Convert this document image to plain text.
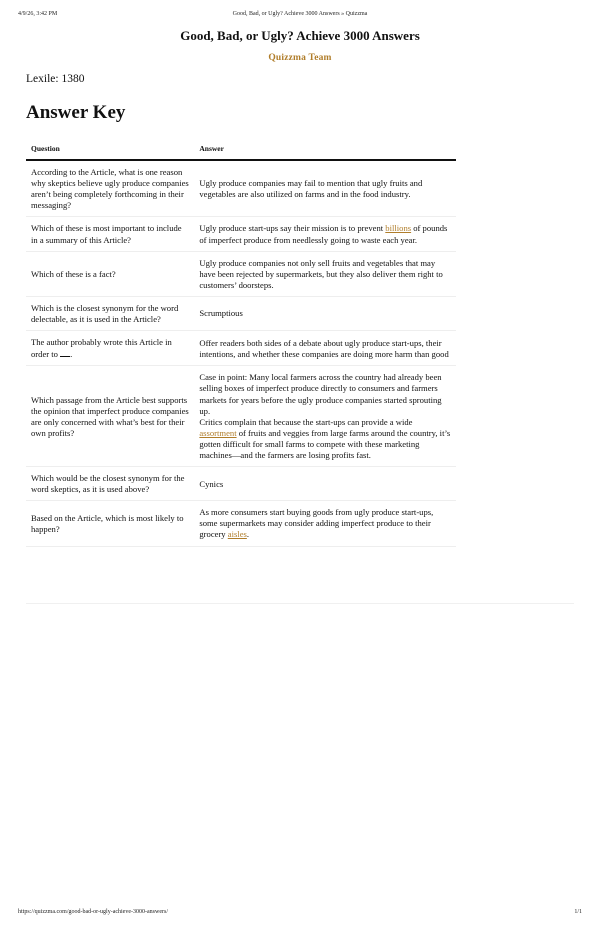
4/9/26, 3:42 PM	Good, Bad, or Ugly? Achieve 3000 Answers » Quizzma
Good, Bad, or Ugly? Achieve 3000 Answers
Quizzma Team
Lexile: 1380
Answer Key
Question	Answer
According to the Article, what is one reason why skeptics believe ugly produce companies aren’t being completely forthcoming in their messaging?	Ugly produce companies may fail to mention that ugly fruits and vegetables are also utilized on farms and in the food industry.
Which of these is most important to include in a summary of this Article?	Ugly produce start-ups say their mission is to prevent billions of pounds of imperfect produce from needlessly going to waste each year.
Which of these is a fact?	Ugly produce companies not only sell fruits and vegetables that may have been rejected by supermarkets, but they also deliver them right to customers’ doorsteps.
Which is the closest synonym for the word delectable, as it is used in the Article?	Scrumptious
The author probably wrote this Article in order to .	Offer readers both sides of a debate about ugly produce start-ups, their intentions, and whether these companies are doing more harm than good
Which passage from the Article best supports the opinion that imperfect produce companies are only concerned with what’s best for their own profits?	Case in point: Many local farmers across the country had already been selling boxes of imperfect produce directly to consumers and farmers markets for years before the ugly produce companies started sprouting up.
Critics complain that because the start-ups can provide a wide assortment of fruits and veggies from large farms around the country, it’s gotten difficult for small farms to compete with these marketing machines—and the farmers are losing profits fast.
Which would be the closest synonym for the word skeptics, as it is used above?	Cynics
Based on the Article, which is most likely to happen?	As more consumers start buying goods from ugly produce start-ups, some supermarkets may consider adding imperfect produce to their grocery aisles.
https://quizzma.com/good-bad-or-ugly-achieve-3000-answers/	1/1
